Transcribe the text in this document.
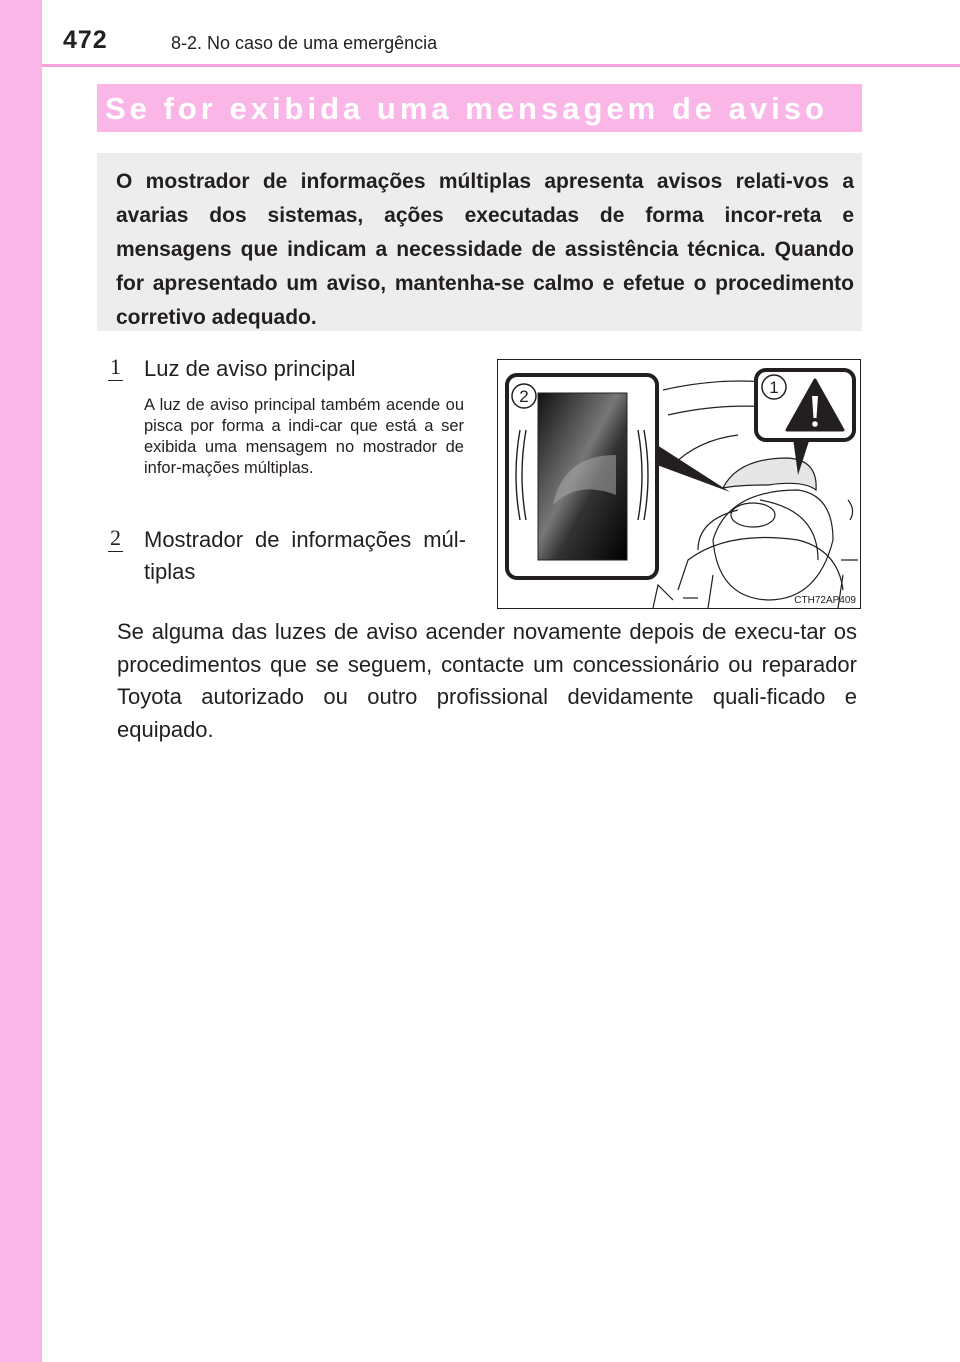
472	8-2. No caso de uma emergência
Se for exibida uma mensagem de aviso

O mostrador de informações múltiplas apresenta avisos relati-vos a avarias dos sistemas, ações executadas de forma incor-reta e mensagens que indicam a necessidade de assistência técnica. Quando for apresentado um aviso, mantenha-se calmo e efetue o procedimento corretivo adequado.

1 Luz de aviso principal

A luz de aviso principal também acende ou pisca por forma a indi-car que está a ser exibida uma mensagem no mostrador de infor-mações múltiplas.

2 Mostrador de informações múl-tiplas

2	1
CTH72AP409

Se alguma das luzes de aviso acender novamente depois de execu-tar os procedimentos que se seguem, contacte um concessionário ou reparador Toyota autorizado ou outro profissional devidamente quali-ficado e equipado.
